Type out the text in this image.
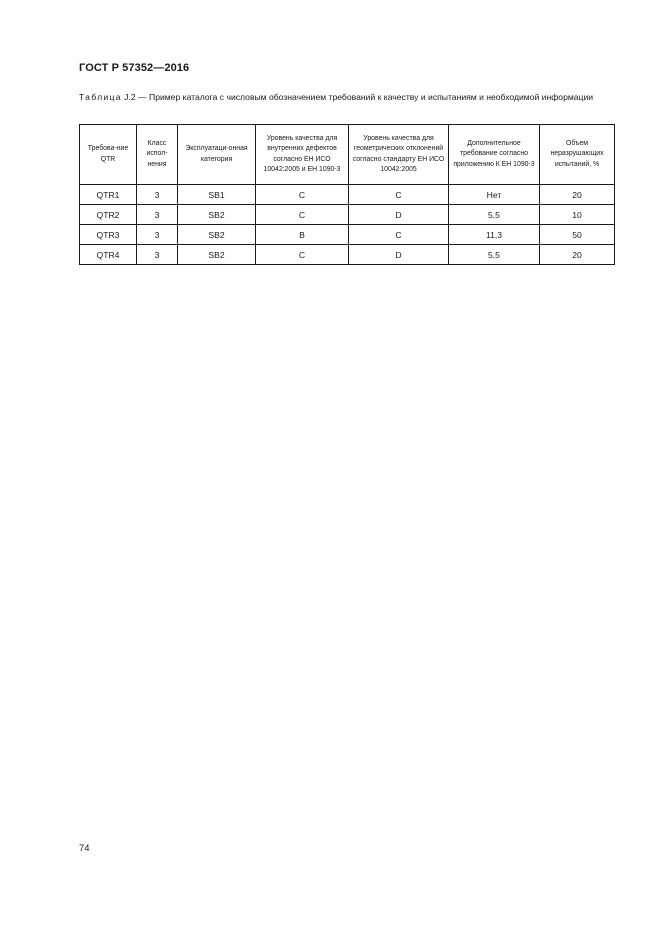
ГОСТ Р 57352—2016
Таблица J.2 — Пример каталога с числовым обозначением требований к качеству и испытаниям и необходимой информации
Требова-ние QTR	Класс испол-нения	Эксплуатаци-онная категория	Уровень качества для внутренних дефектов согласно ЕН ИСО 10042:2005 и ЕН 1090-3	Уровень качества для геометрических отклонений согласно стандарту ЕН ИСО 10042:2005	Дополнительное требование согласно приложению К ЕН 1090-3	Объем неразрушающих испытаний, %
QTR1	3	SB1	C	C	Нет	20
QTR2	3	SB2	C	D	5,5	10
QTR3	3	SB2	B	C	11,3	50
QTR4	3	SB2	C	D	5,5	20
74
